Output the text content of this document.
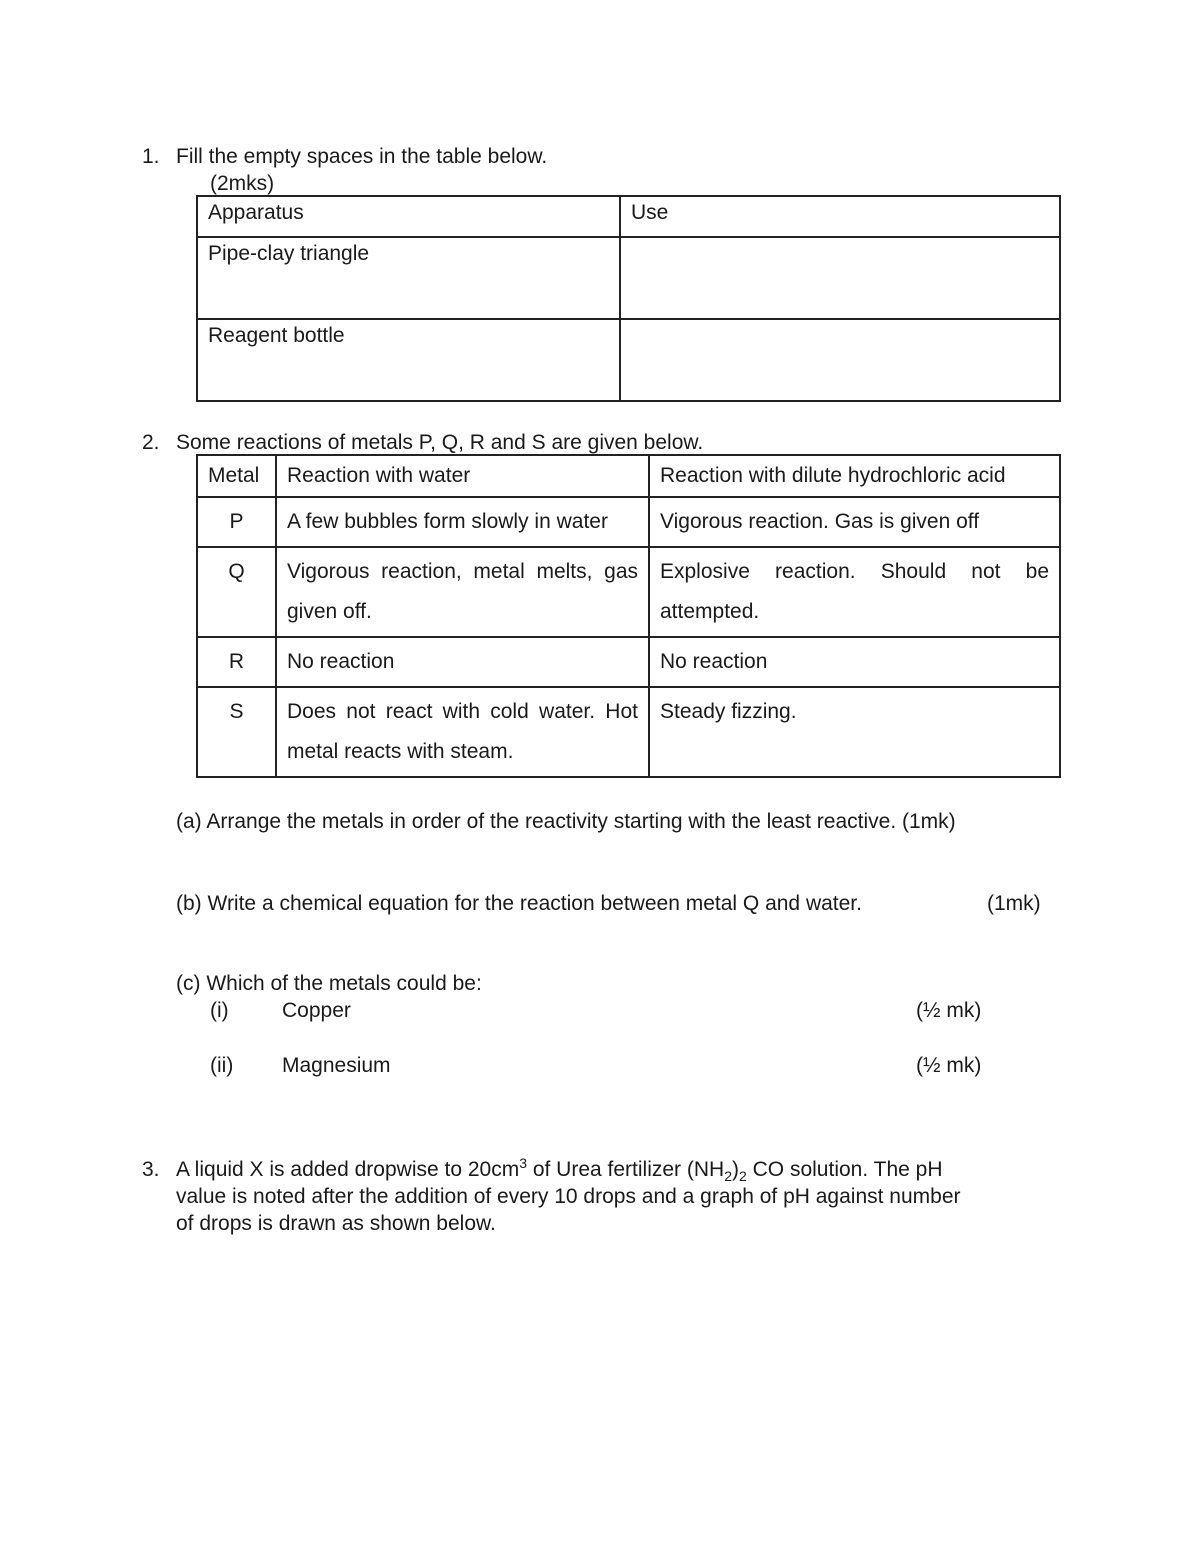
1. Fill the empty spaces in the table below.
(2mks)
Apparatus	Use
Pipe-clay triangle	
Reagent bottle	
2. Some reactions of metals P, Q, R and S are given below.
Metal	Reaction with water	Reaction with dilute hydrochloric acid
P	A few bubbles form slowly in water	Vigorous reaction. Gas is given off
Q	Vigorous reaction, metal melts, gas given off.	Explosive reaction. Should not be attempted.
R	No reaction	No reaction
S	Does not react with cold water. Hot metal reacts with steam.	Steady fizzing.
(a) Arrange the metals in order of the reactivity starting with the least reactive. (1mk)
(b) Write a chemical equation for the reaction between metal Q and water.	(1mk)
(c) Which of the metals could be:
(i)	Copper	(½ mk)
(ii) Magnesium	(½ mk)
3. A liquid X is added dropwise to $20cm^3$ of Urea fertilizer $(NH_2)_2$ CO solution. The pH
value is noted after the addition of every 10 drops and a graph of pH against number
of drops is drawn as shown below.
